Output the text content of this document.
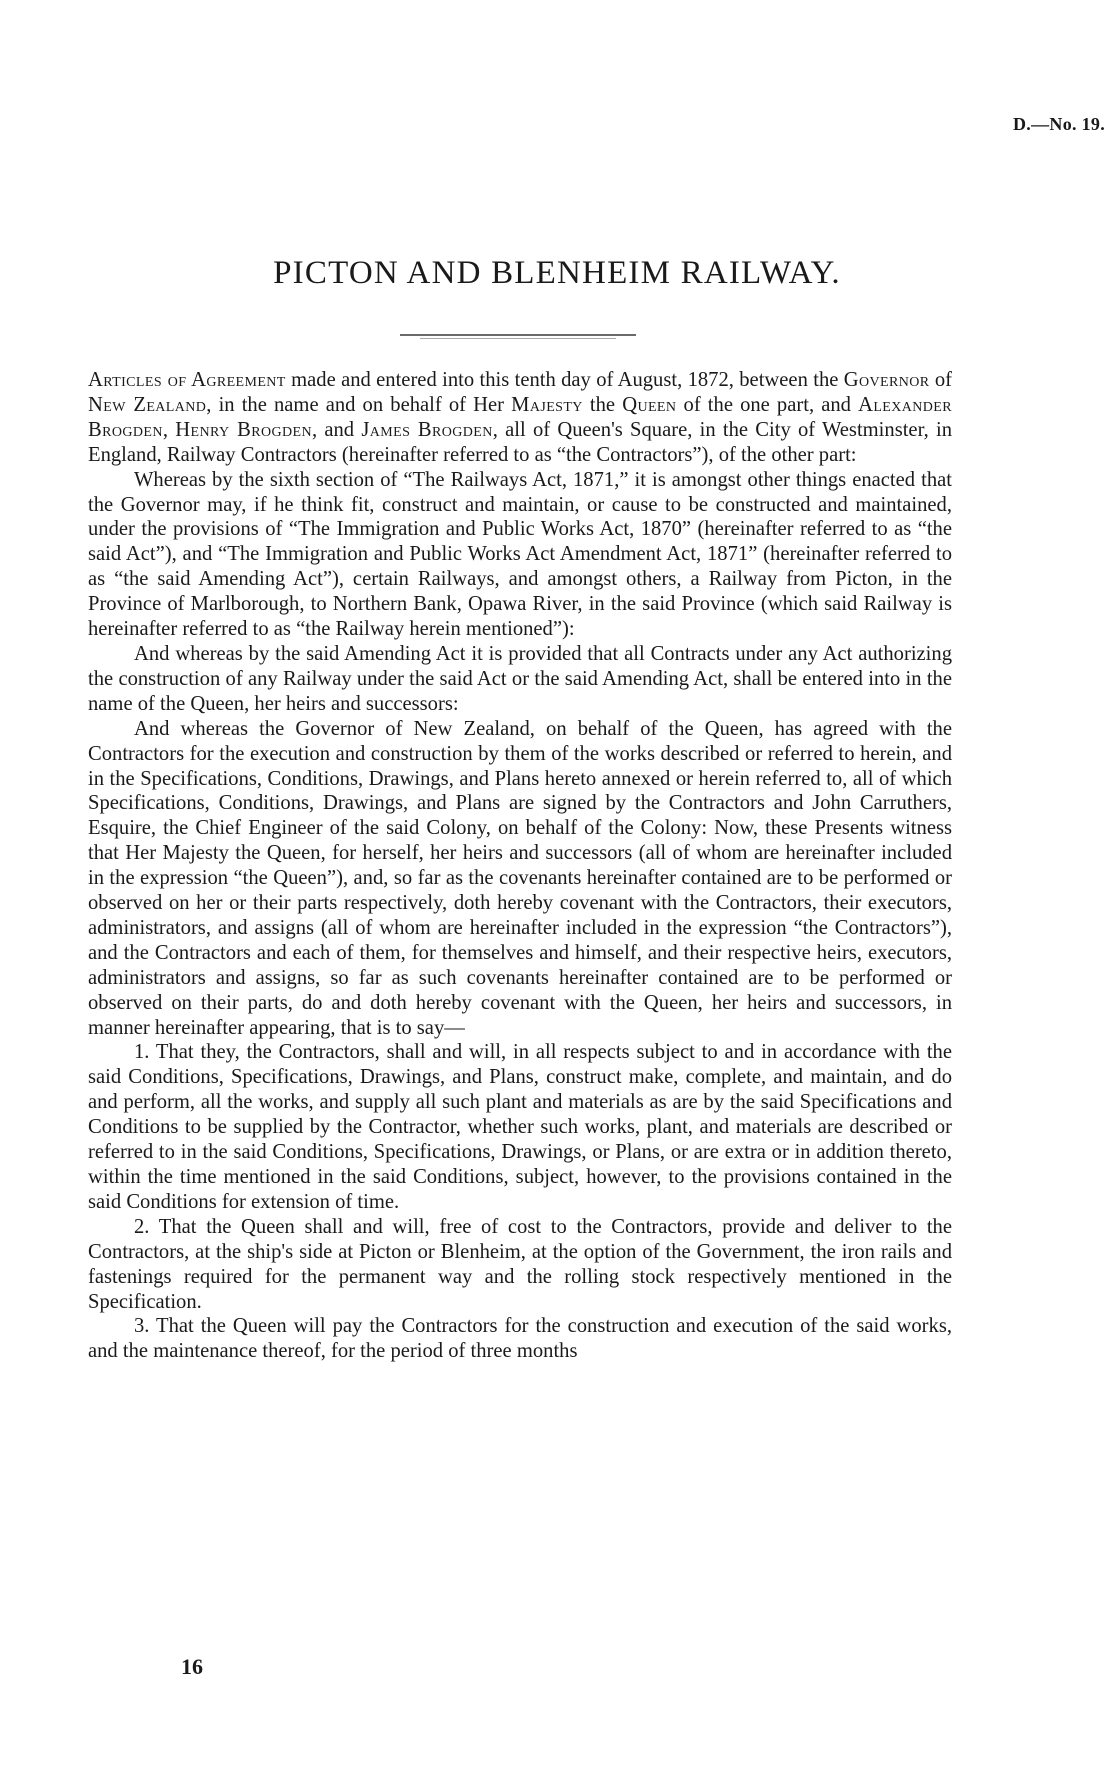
D.—No. 19.
PICTON AND BLENHEIM RAILWAY.

Articles of Agreement made and entered into this tenth day of August, 1872, between the Governor of New Zealand, in the name and on behalf of Her Majesty the Queen of the one part, and Alexander Brogden, Henry Brogden, and James Brogden, all of Queen's Square, in the City of Westminster, in England, Railway Contractors (hereinafter referred to as “the Contractors”), of the other part:

Whereas by the sixth section of “The Railways Act, 1871,” it is amongst other things enacted that the Governor may, if he think fit, construct and maintain, or cause to be constructed and maintained, under the provisions of “The Immigration and Public Works Act, 1870” (hereinafter referred to as “the said Act”), and “The Immigration and Public Works Act Amendment Act, 1871” (hereinafter referred to as “the said Amending Act”), certain Railways, and amongst others, a Railway from Picton, in the Province of Marlborough, to Northern Bank, Opawa River, in the said Province (which said Railway is hereinafter referred to as “the Railway herein mentioned”):

And whereas by the said Amending Act it is provided that all Contracts under any Act authorizing the construction of any Railway under the said Act or the said Amending Act, shall be entered into in the name of the Queen, her heirs and successors:

And whereas the Governor of New Zealand, on behalf of the Queen, has agreed with the Contractors for the execution and construction by them of the works described or referred to herein, and in the Specifications, Conditions, Drawings, and Plans hereto annexed or herein referred to, all of which Specifications, Conditions, Drawings, and Plans are signed by the Contractors and John Carruthers, Esquire, the Chief Engineer of the said Colony, on behalf of the Colony: Now, these Presents witness that Her Majesty the Queen, for herself, her heirs and successors (all of whom are hereinafter included in the expression “the Queen”), and, so far as the covenants hereinafter contained are to be performed or observed on her or their parts respectively, doth hereby covenant with the Contractors, their executors, administrators, and assigns (all of whom are hereinafter included in the expression “the Contractors”), and the Contractors and each of them, for themselves and himself, and their respective heirs, executors, administrators and assigns, so far as such covenants hereinafter contained are to be performed or observed on their parts, do and doth hereby covenant with the Queen, her heirs and successors, in manner hereinafter appearing, that is to say—

1. That they, the Contractors, shall and will, in all respects subject to and in accordance with the said Conditions, Specifications, Drawings, and Plans, construct make, complete, and maintain, and do and perform, all the works, and supply all such plant and materials as are by the said Specifications and Conditions to be supplied by the Contractor, whether such works, plant, and materials are described or referred to in the said Conditions, Specifications, Drawings, or Plans, or are extra or in addition thereto, within the time mentioned in the said Conditions, subject, however, to the provisions contained in the said Conditions for extension of time.

2. That the Queen shall and will, free of cost to the Contractors, provide and deliver to the Contractors, at the ship's side at Picton or Blenheim, at the option of the Government, the iron rails and fastenings required for the permanent way and the rolling stock respectively mentioned in the Specification.

3. That the Queen will pay the Contractors for the construction and execution of the said works, and the maintenance thereof, for the period of three months

16
